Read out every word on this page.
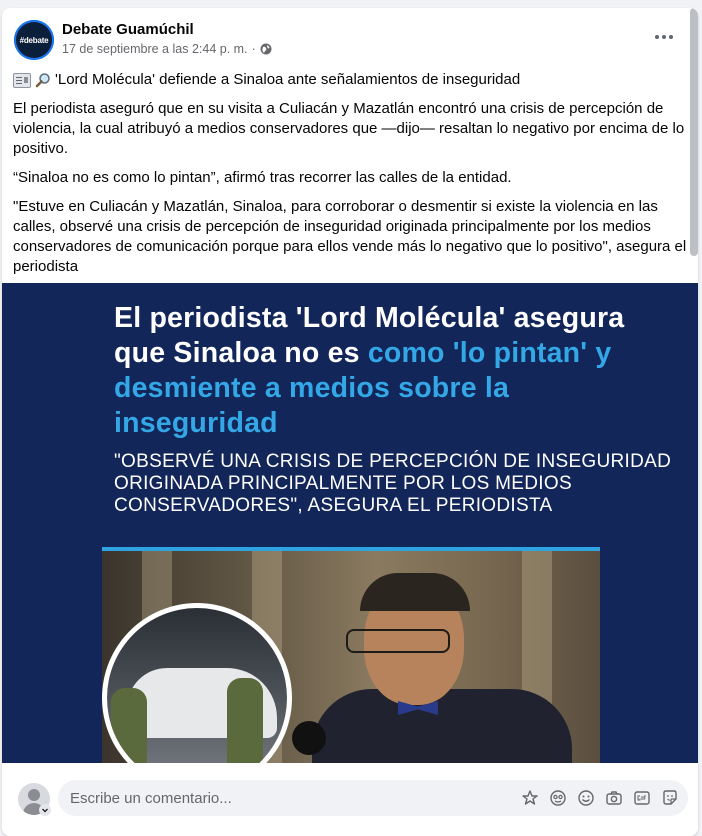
#debate
Debate Guamúchil
17 de septiembre a las 2:44 p. m. ·

'Lord Molécula' defiende a Sinaloa ante señalamientos de inseguridad

El periodista aseguró que en su visita a Culiacán y Mazatlán encontró una crisis de percepción de violencia, la cual atribuyó a medios conservadores que —dijo— resaltan lo negativo por encima de lo positivo.

“Sinaloa no es como lo pintan”, afirmó tras recorrer las calles de la entidad.

"Estuve en Culiacán y Mazatlán, Sinaloa, para corroborar o desmentir si existe la violencia en las calles, observé una crisis de percepción de inseguridad originada principalmente por los medios conservadores de comunicación porque para ellos vende más lo negativo que lo positivo", asegura el periodista

El periodista 'Lord Molécula' asegura que Sinaloa no es como 'lo pintan' y desmiente a medios sobre la inseguridad
"OBSERVÉ UNA CRISIS DE PERCEPCIÓN DE INSEGURIDAD ORIGINADA PRINCIPALMENTE POR LOS MEDIOS CONSERVADORES", ASEGURA EL PERIODISTA
Escribe un comentario...
